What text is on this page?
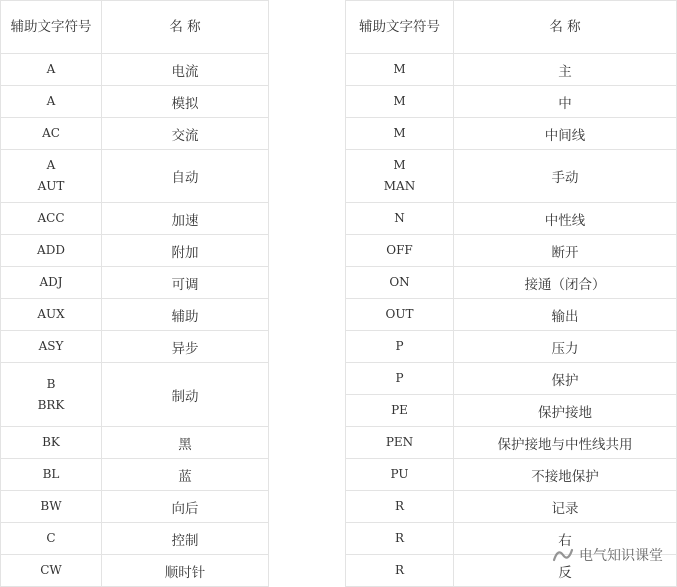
辅助文字符号	名 称

A	电流

A	模拟

AC	交流

A
AUT	自动

ACC	加速

ADD	附加

ADJ	可调

AUX	辅助

ASY	异步

B
BRK	制动

BK	黑

BL	蓝

BW	向后

C	控制

CW	顺时针
辅助文字符号	名 称

M	主

M	中

M	中间线

M
MAN	手动

N	中性线

OFF	断开

ON	接通（闭合）

OUT	输出

P	压力

P	保护

PE	保护接地

PEN	保护接地与中性线共用

PU	不接地保护

R	记录

R	右

R	反
电气知识课堂
